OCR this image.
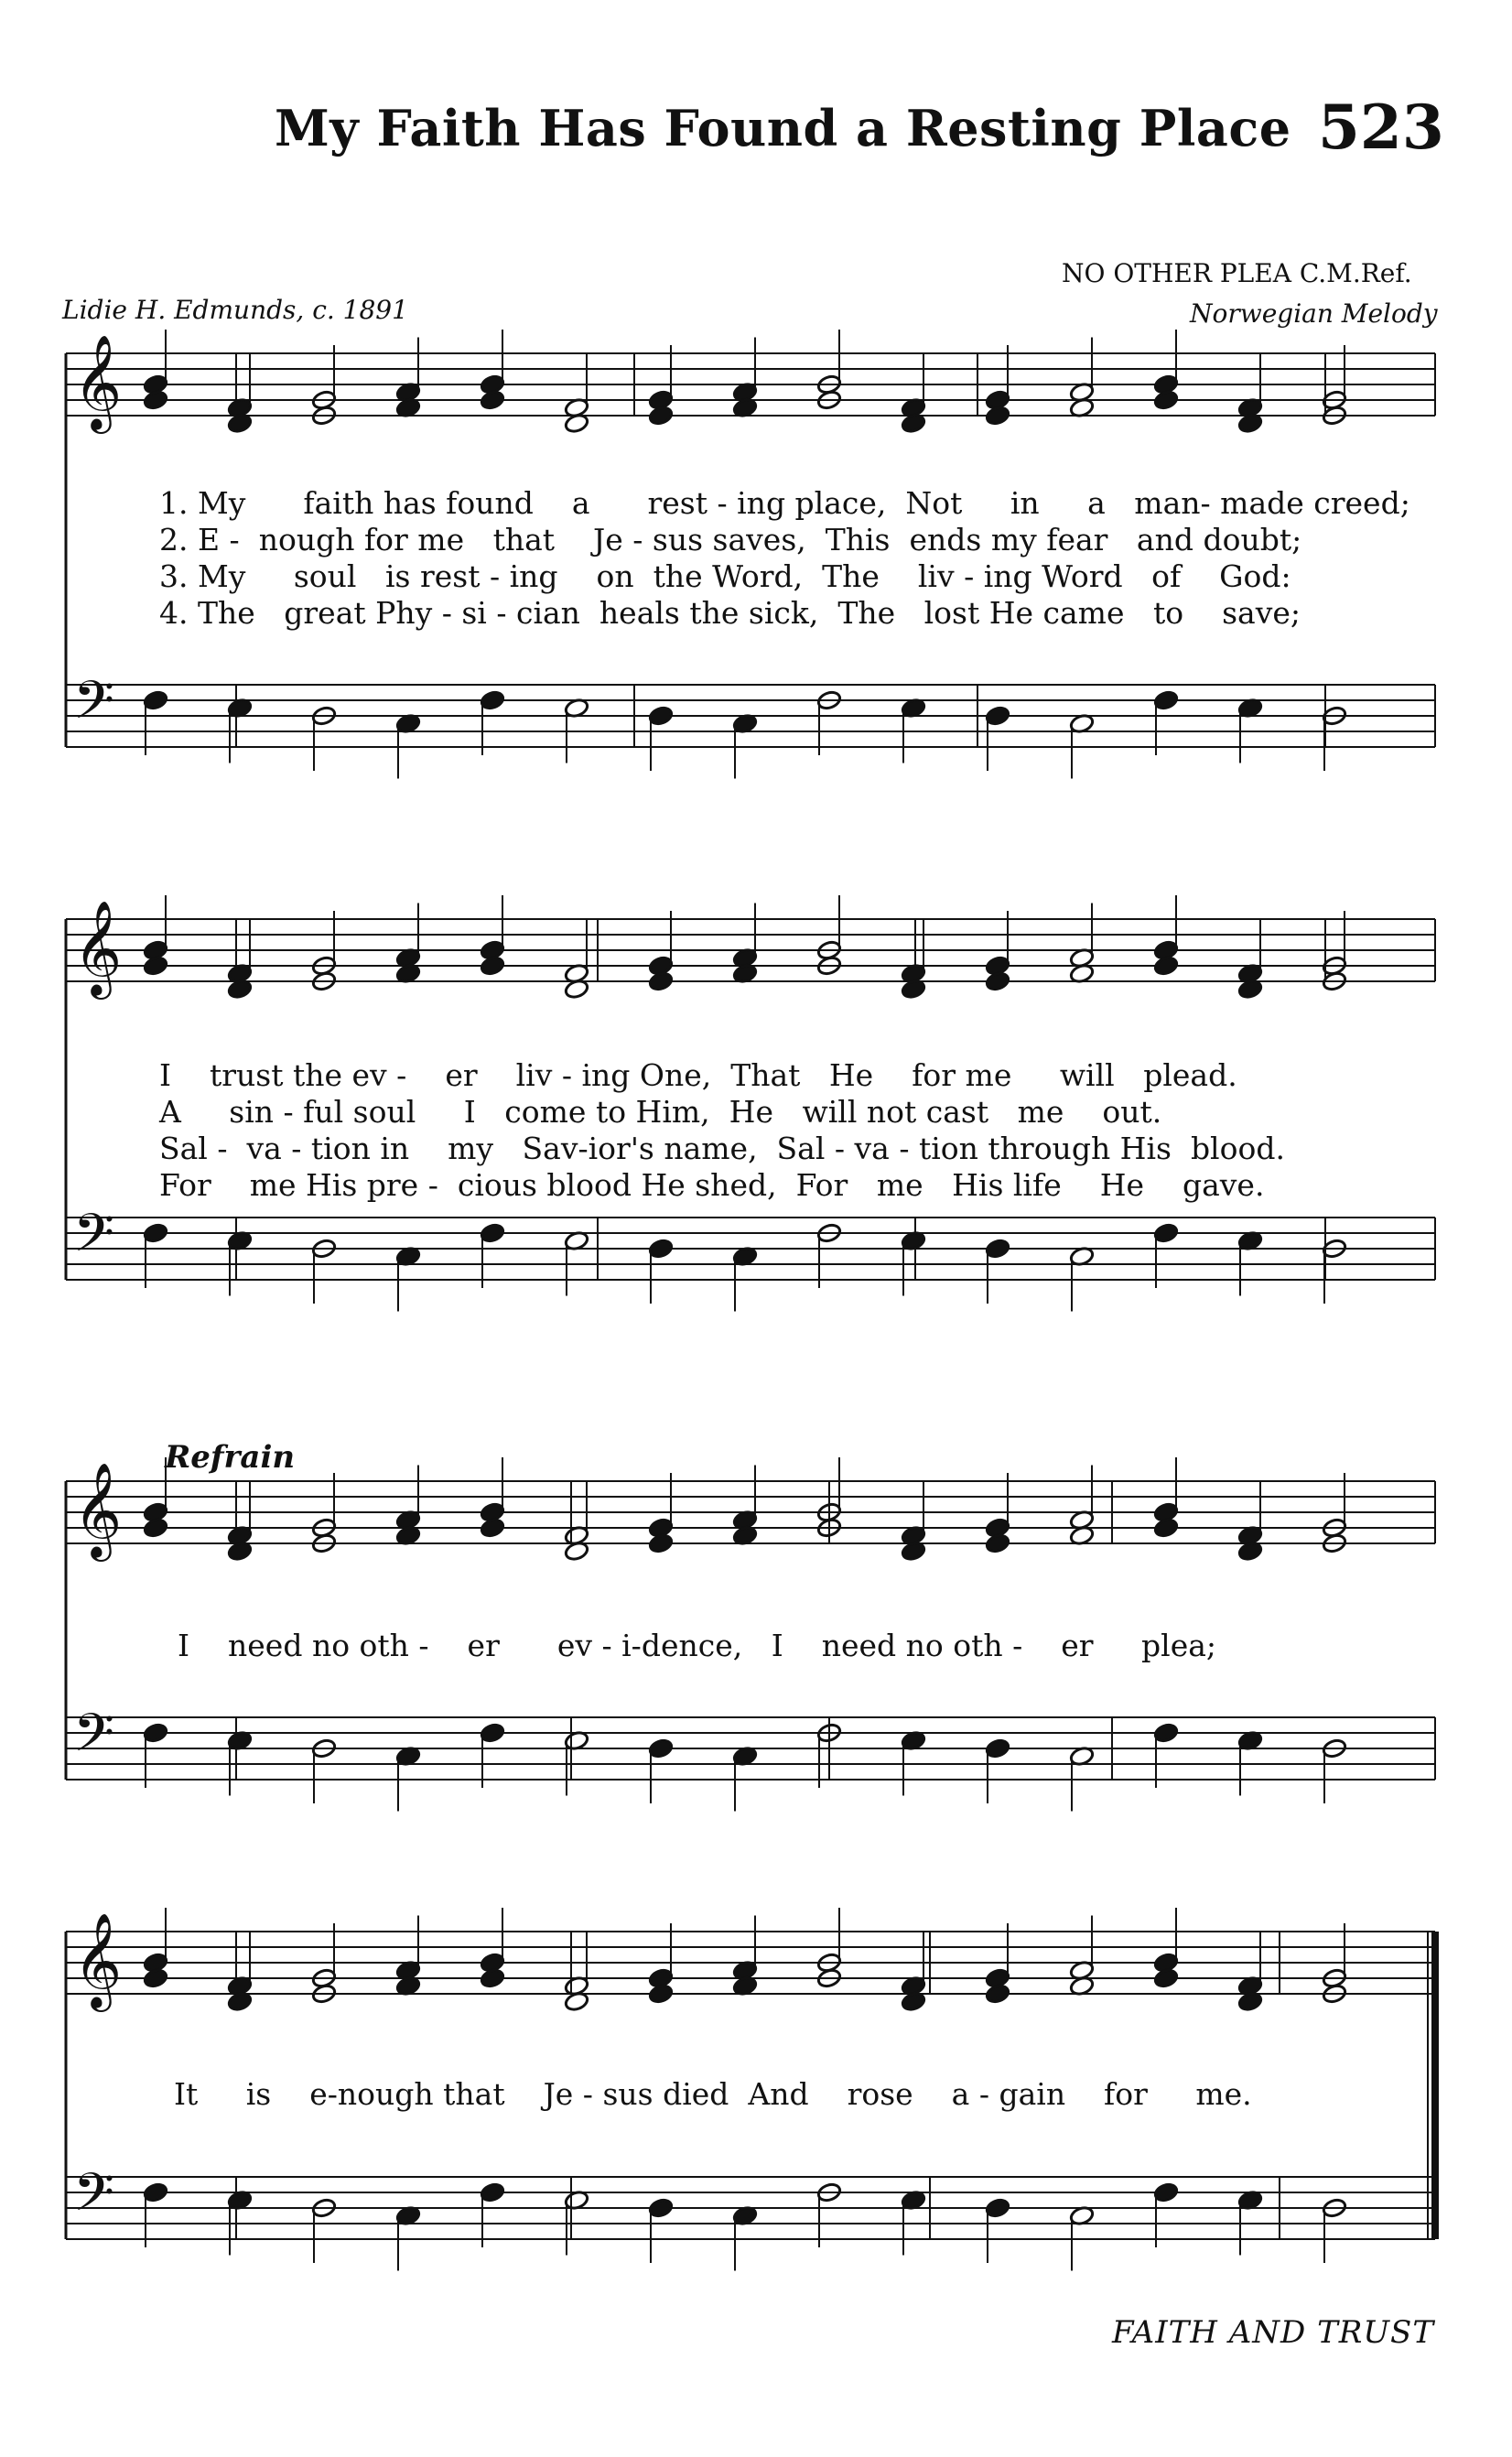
My Faith Has Found a Resting Place 523
NO OTHER PLEA C.M.Ref.
Lidie H. Edmunds, c. 1891	Norwegian Melody
𝄞
𝄢
𝄞
𝄢
𝄞
𝄢
𝄞
𝄢
Refrain
1. My faith has found a rest - ing place, Not in a man- made creed;
2. E - nough for me that Je - sus saves, This ends my fear and doubt;
3. My soul is rest - ing on the Word, The liv - ing Word of God:
4. The great Phy - si - cian heals the sick, The lost He came to save;
I trust the ev - er liv - ing One, That He for me will plead.
A sin - ful soul I come to Him, He will not cast me out.
Sal - va - tion in my Sav-ior's name, Sal - va - tion through His blood.
For me His pre - cious blood He shed, For me His life He gave.
I need no oth - er ev - i-dence, I need no oth - er plea;
It is e-nough that Je - sus died And rose a - gain for me.
FAITH AND TRUST
